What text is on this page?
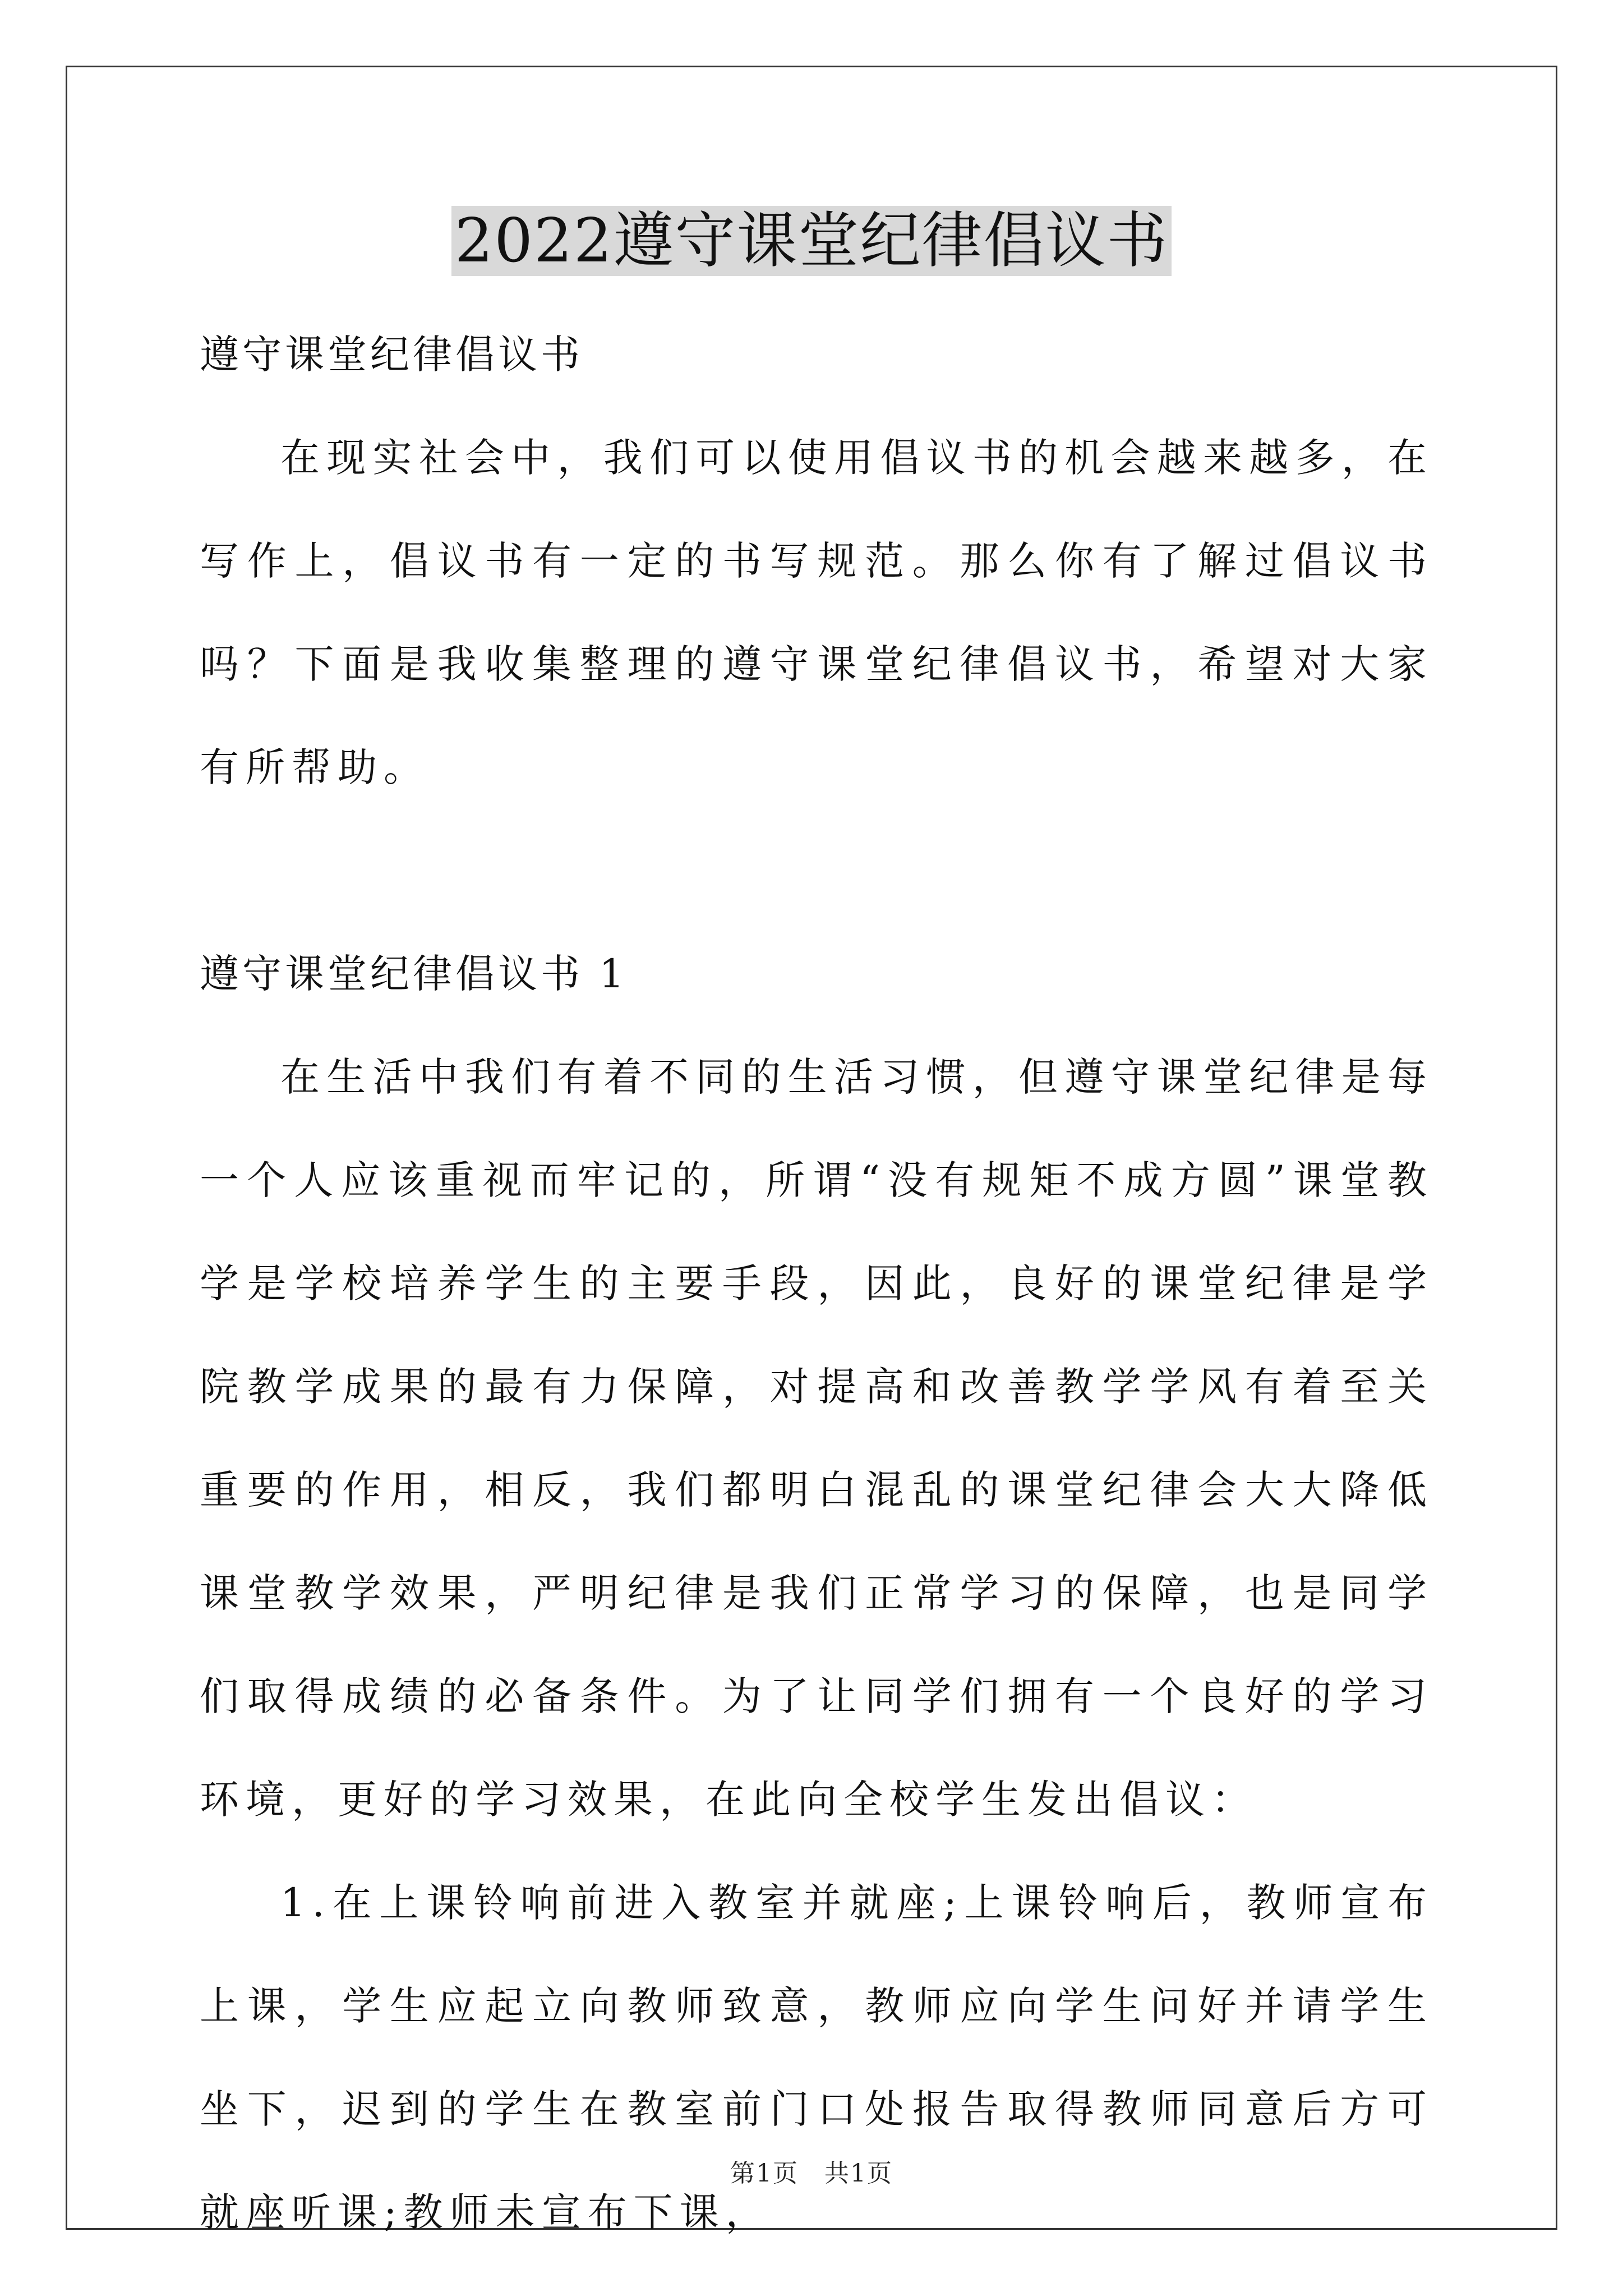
2022遵守课堂纪律倡议书

遵守课堂纪律倡议书

在现实社会中，我们可以使用倡议书的机会越来越多，在写作上，倡议书有一定的书写规范。那么你有了解过倡议书吗？下面是我收集整理的遵守课堂纪律倡议书，希望对大家有所帮助。

遵守课堂纪律倡议书 1

在生活中我们有着不同的生活习惯，但遵守课堂纪律是每一个人应该重视而牢记的，所谓“没有规矩不成方圆”课堂教学是学校培养学生的主要手段，因此，良好的课堂纪律是学院教学成果的最有力保障，对提高和改善教学学风有着至关重要的作用，相反，我们都明白混乱的课堂纪律会大大降低课堂教学效果，严明纪律是我们正常学习的保障，也是同学们取得成绩的必备条件。为了让同学们拥有一个良好的学习环境，更好的学习效果，在此向全校学生发出倡议：

1.在上课铃响前进入教室并就座;上课铃响后，教师宣布上课，学生应起立向教师致意，教师应向学生问好并请学生坐下，迟到的学生在教室前门口处报告取得教师同意后方可就座听课;教师未宣布下课，

第1页　共1页
